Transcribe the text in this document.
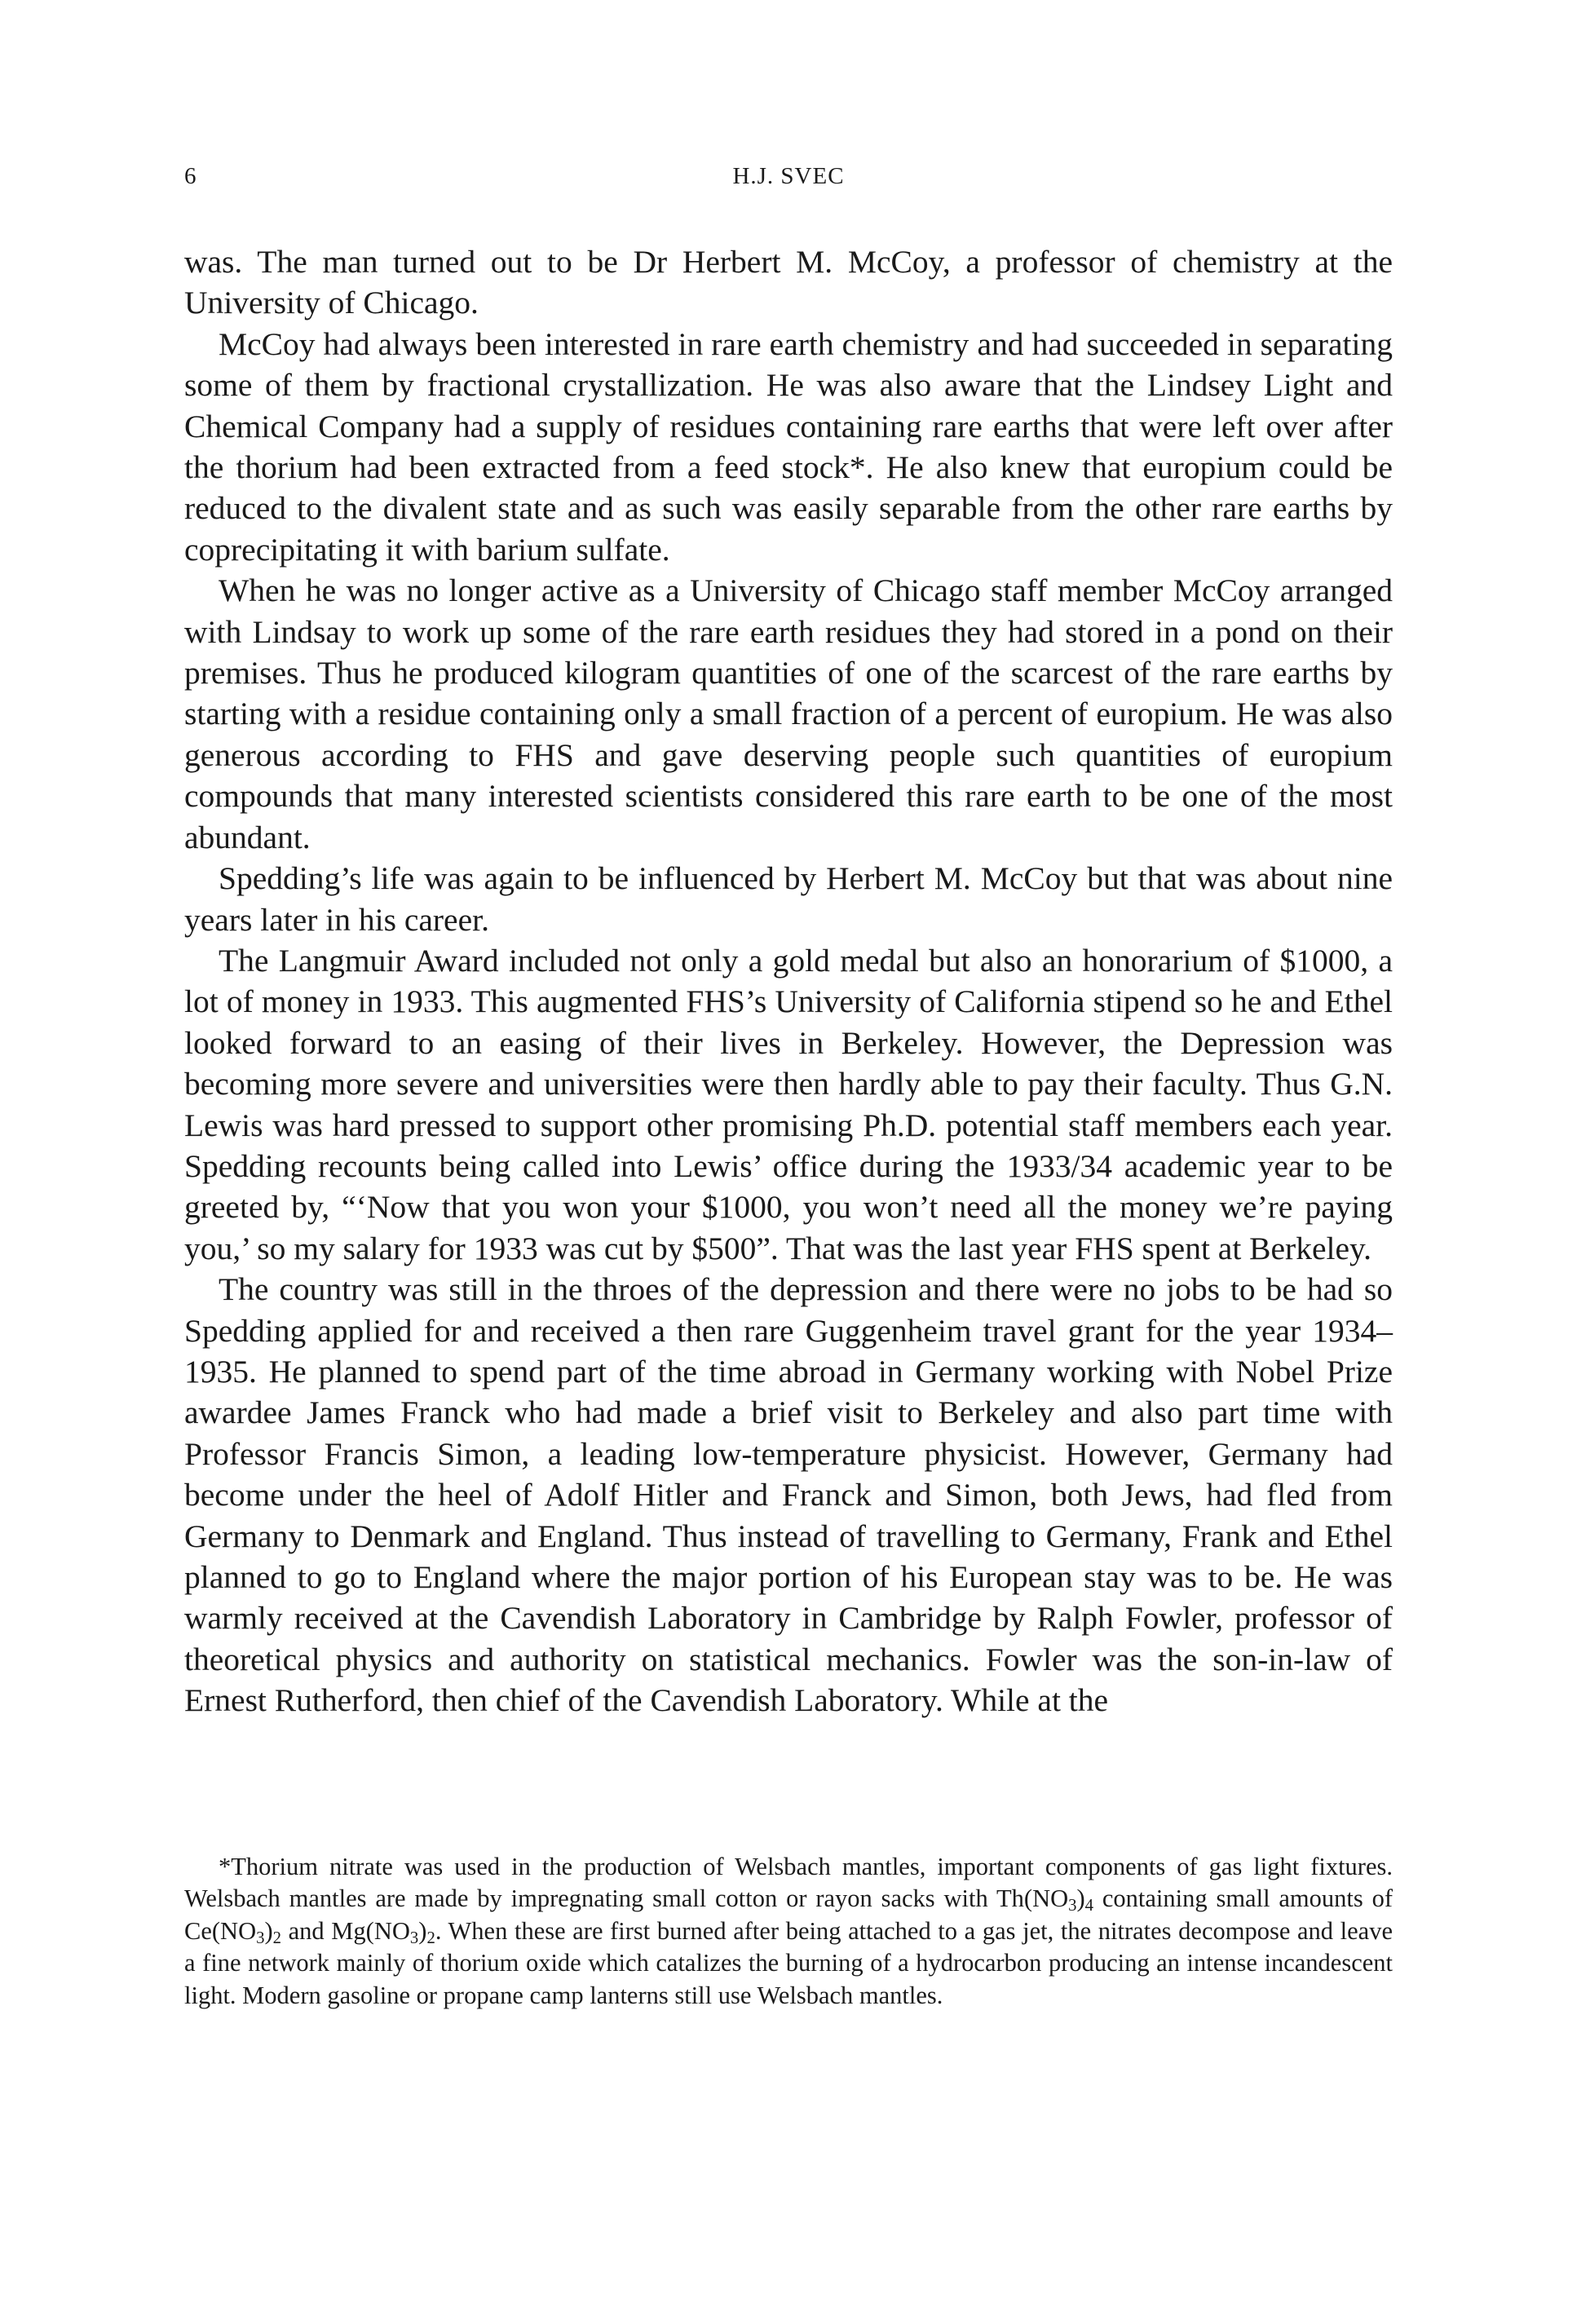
6	H.J. SVEC

was. The man turned out to be Dr Herbert M. McCoy, a professor of chemistry at the University of Chicago.

McCoy had always been interested in rare earth chemistry and had succeeded in separating some of them by fractional crystallization. He was also aware that the Lindsey Light and Chemical Company had a supply of residues containing rare earths that were left over after the thorium had been extracted from a feed stock*. He also knew that europium could be reduced to the divalent state and as such was easily separable from the other rare earths by coprecipitating it with barium sulfate.

When he was no longer active as a University of Chicago staff member McCoy arranged with Lindsay to work up some of the rare earth residues they had stored in a pond on their premises. Thus he produced kilogram quantities of one of the scarcest of the rare earths by starting with a residue containing only a small fraction of a percent of europium. He was also generous according to FHS and gave deserving people such quantities of europium compounds that many interested scientists considered this rare earth to be one of the most abundant.

Spedding’s life was again to be influenced by Herbert M. McCoy but that was about nine years later in his career.

The Langmuir Award included not only a gold medal but also an honorarium of $1000, a lot of money in 1933. This augmented FHS’s University of California stipend so he and Ethel looked forward to an easing of their lives in Berkeley. However, the Depression was becoming more severe and universities were then hardly able to pay their faculty. Thus G.N. Lewis was hard pressed to support other promising Ph.D. potential staff members each year. Spedding recounts being called into Lewis’ office during the 1933/34 academic year to be greeted by, “‘Now that you won your $1000, you won’t need all the money we’re paying you,’ so my salary for 1933 was cut by $500”. That was the last year FHS spent at Berkeley.

The country was still in the throes of the depression and there were no jobs to be had so Spedding applied for and received a then rare Guggenheim travel grant for the year 1934–1935. He planned to spend part of the time abroad in Germany working with Nobel Prize awardee James Franck who had made a brief visit to Berkeley and also part time with Professor Francis Simon, a leading low-temperature physicist. However, Germany had become under the heel of Adolf Hitler and Franck and Simon, both Jews, had fled from Germany to Denmark and England. Thus instead of travelling to Germany, Frank and Ethel planned to go to England where the major portion of his European stay was to be. He was warmly received at the Cavendish Laboratory in Cambridge by Ralph Fowler, professor of theoretical physics and authority on statistical mechanics. Fowler was the son-in-law of Ernest Rutherford, then chief of the Cavendish Laboratory. While at the

*Thorium nitrate was used in the production of Welsbach mantles, important components of gas light fixtures. Welsbach mantles are made by impregnating small cotton or rayon sacks with $Th(NO_3)_4$ containing small amounts of $Ce(NO_3)_2$ and $Mg(NO_3)_2$. When these are first burned after being attached to a gas jet, the nitrates decompose and leave a fine network mainly of thorium oxide which catalizes the burning of a hydrocarbon producing an intense incandescent light. Modern gasoline or propane camp lanterns still use Welsbach mantles.
